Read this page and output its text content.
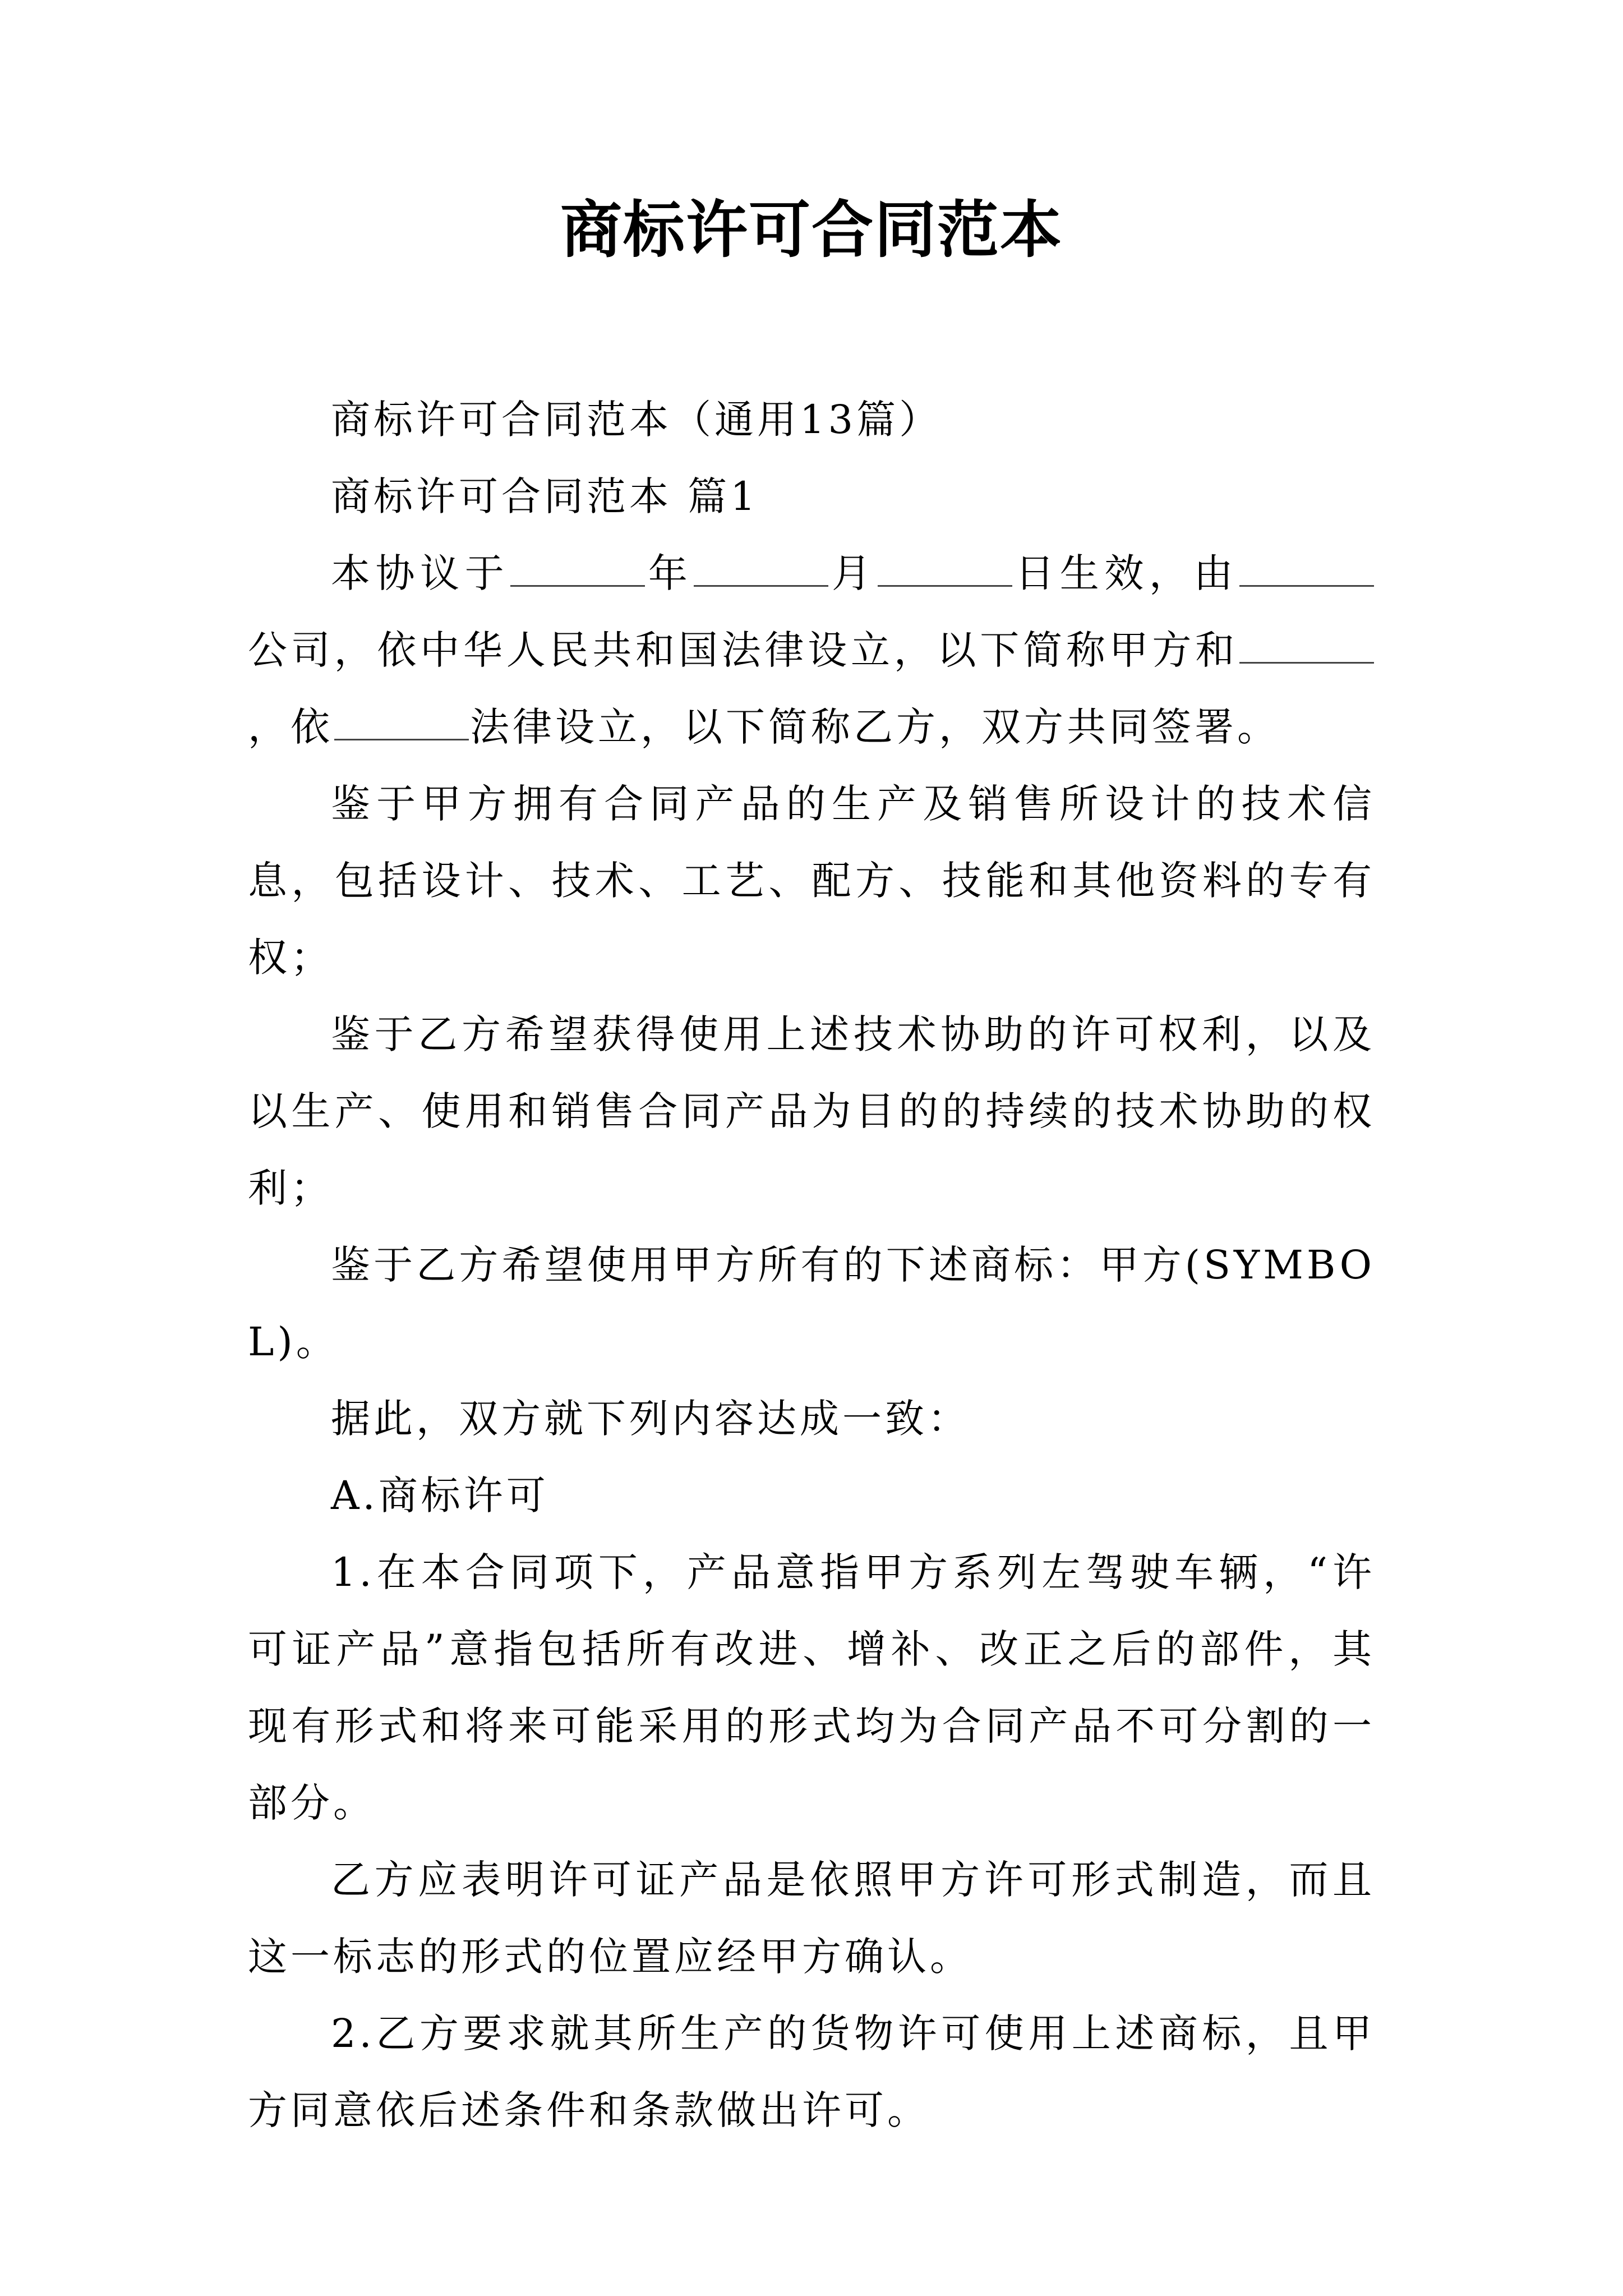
商标许可合同范本

商标许可合同范本（通用13篇）

商标许可合同范本 篇1

本协议于	年	月	日生效，由公司，依中华人民共和国法律设立，以下简称甲方和，依	法律设立，以下简称乙方，双方共同签署。

鉴于甲方拥有合同产品的生产及销售所设计的技术信息，包括设计、技术、工艺、配方、技能和其他资料的专有权；

鉴于乙方希望获得使用上述技术协助的许可权利，以及以生产、使用和销售合同产品为目的的持续的技术协助的权利；

鉴于乙方希望使用甲方所有的下述商标：甲方(SYMBOL)。

据此，双方就下列内容达成一致：

A.商标许可

1.在本合同项下，产品意指甲方系列左驾驶车辆，“许可证产品”意指包括所有改进、增补、改正之后的部件，其现有形式和将来可能采用的形式均为合同产品不可分割的一部分。

乙方应表明许可证产品是依照甲方许可形式制造，而且这一标志的形式的位置应经甲方确认。

2.乙方要求就其所生产的货物许可使用上述商标，且甲方同意依后述条件和条款做出许可。
